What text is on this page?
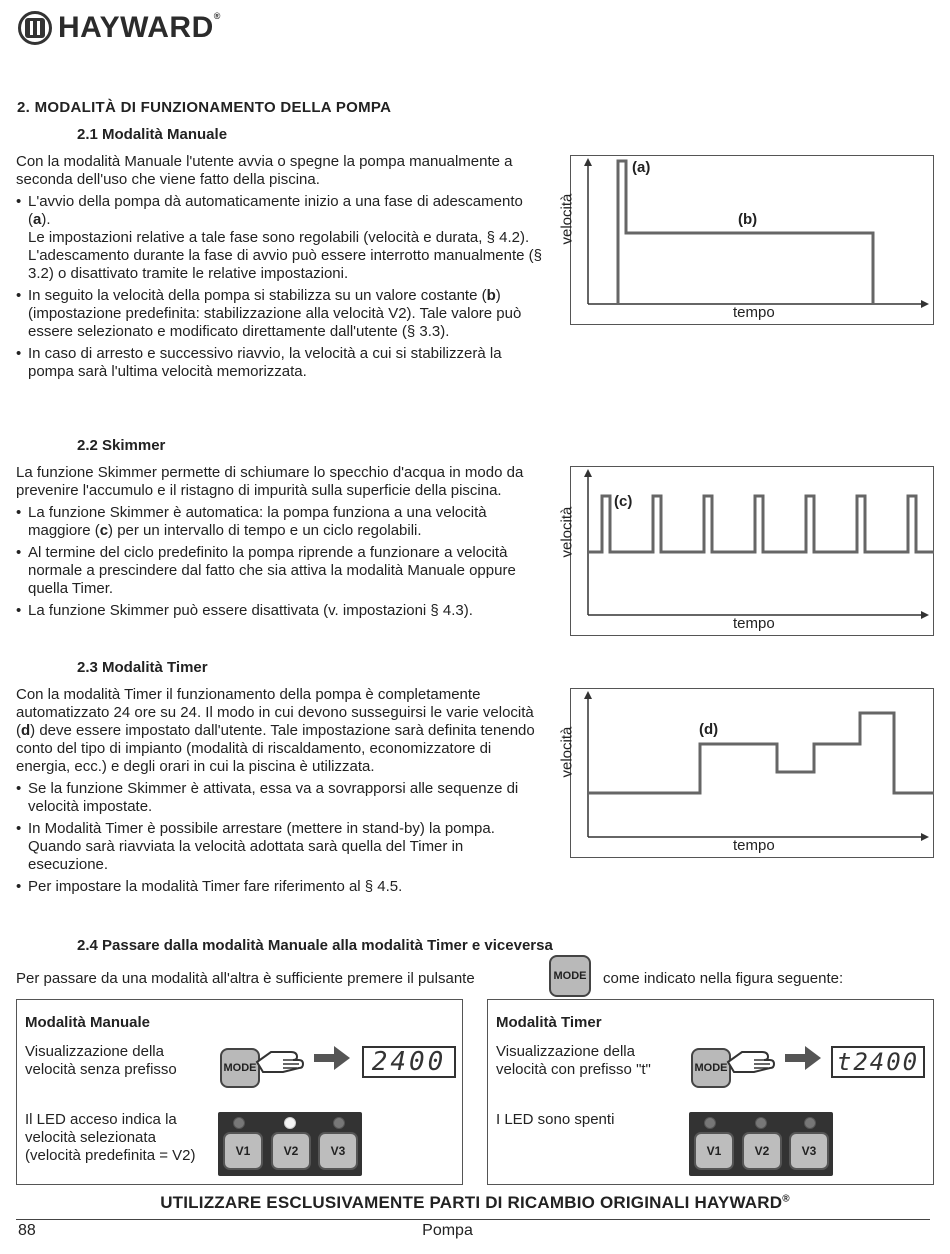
HAYWARD®
2. MODALITÀ DI FUNZIONAMENTO DELLA POMPA
2.1 Modalità Manuale

Con la modalità Manuale l'utente avvia o spegne la pompa manualmente a seconda dell'uso che viene fatto della piscina.

• L'avvio della pompa dà automaticamente inizio a una fase di adescamento (a).
Le impostazioni relative a tale fase sono regolabili (velocità e durata, § 4.2). L'adescamento durante la fase di avvio può essere interrotto manualmente (§ 3.2) o disattivato tramite le relative impostazioni.
• In seguito la velocità della pompa si stabilizza su un valore costante (b) (impostazione predefinita: stabilizzazione alla velocità V2). Tale valore può essere selezionato e modificato direttamente dall'utente (§ 3.3).
• In caso di arresto e successivo riavvio, la velocità a cui si stabilizzerà la pompa sarà l'ultima velocità memorizzata.
velocità
tempo
(a)
(b)
2.2 Skimmer

La funzione Skimmer permette di schiumare lo specchio d'acqua in modo da prevenire l'accumulo e il ristagno di impurità sulla superficie della piscina.

• La funzione Skimmer è automatica: la pompa funziona a una velocità maggiore (c) per un intervallo di tempo e un ciclo regolabili.
• Al termine del ciclo predefinito la pompa riprende a funzionare a velocità normale a prescindere dal fatto che sia attiva la modalità Manuale oppure quella Timer.
• La funzione Skimmer può essere disattivata (v. impostazioni § 4.3).
velocità
tempo
(c)
2.3 Modalità Timer

Con la modalità Timer il funzionamento della pompa è completamente automatizzato 24 ore su 24. Il modo in cui devono susseguirsi le varie velocità (d) deve essere impostato dall'utente. Tale impostazione sarà definita tenendo conto del tipo di impianto (modalità di riscaldamento, economizzatore di energia, ecc.) e degli orari in cui la piscina è utilizzata.

• Se la funzione Skimmer è attivata, essa va a sovrapporsi alle sequenze di velocità impostate.
• In Modalità Timer è possibile arrestare (mettere in stand-by) la pompa. Quando sarà riavviata la velocità adottata sarà quella del Timer in esecuzione.
• Per impostare la modalità Timer fare riferimento al § 4.5.
velocità
tempo
(d)
2.4 Passare dalla modalità Manuale alla modalità Timer e viceversa
Per passare da una modalità all'altra è sufficiente premere il pulsante	MODE	come indicato nella figura seguente:
Modalità Manuale
Visualizzazione della
velocità senza prefisso	MODE	2400
Il LED acceso indica la
velocità selezionata
(velocità predefinita = V2)	V1	V2	V3
Modalità Timer
Visualizzazione della
velocità con prefisso "t"	MODE	t2400
I LED sono spenti
V1	V2	V3
UTILIZZARE ESCLUSIVAMENTE PARTI DI RICAMBIO ORIGINALI HAYWARD®
88	Pompa
